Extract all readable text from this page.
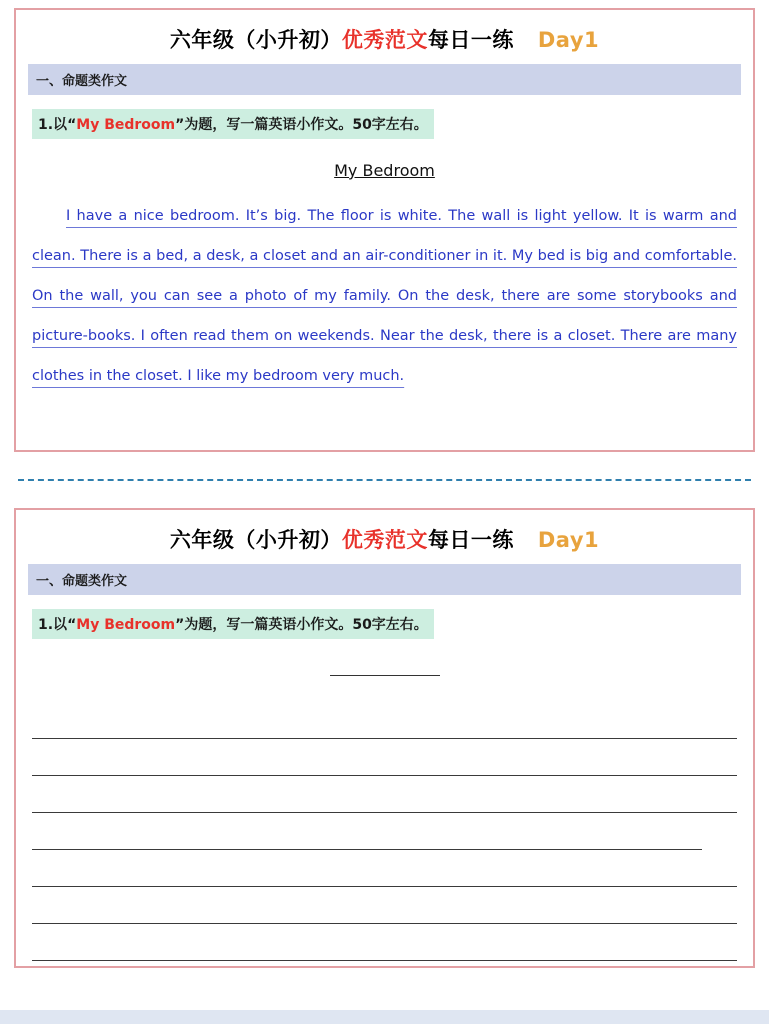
六年级（小升初）优秀范文每日一练 Day1
一、命题类作文
1.以“My Bedroom”为题，写一篇英语小作文。50字左右。
My Bedroom
I have a nice bedroom. It’s big. The floor is white. The wall is light yellow. It is warm and clean. There is a bed, a desk, a closet and an air-conditioner in it. My bed is big and comfortable. On the wall, you can see a photo of my family. On the desk, there are some storybooks and picture-books. I often read them on weekends. Near the desk, there is a closet. There are many clothes in the closet. I like my bedroom very much.
六年级（小升初）优秀范文每日一练 Day1
一、命题类作文
1.以“My Bedroom”为题，写一篇英语小作文。50字左右。
